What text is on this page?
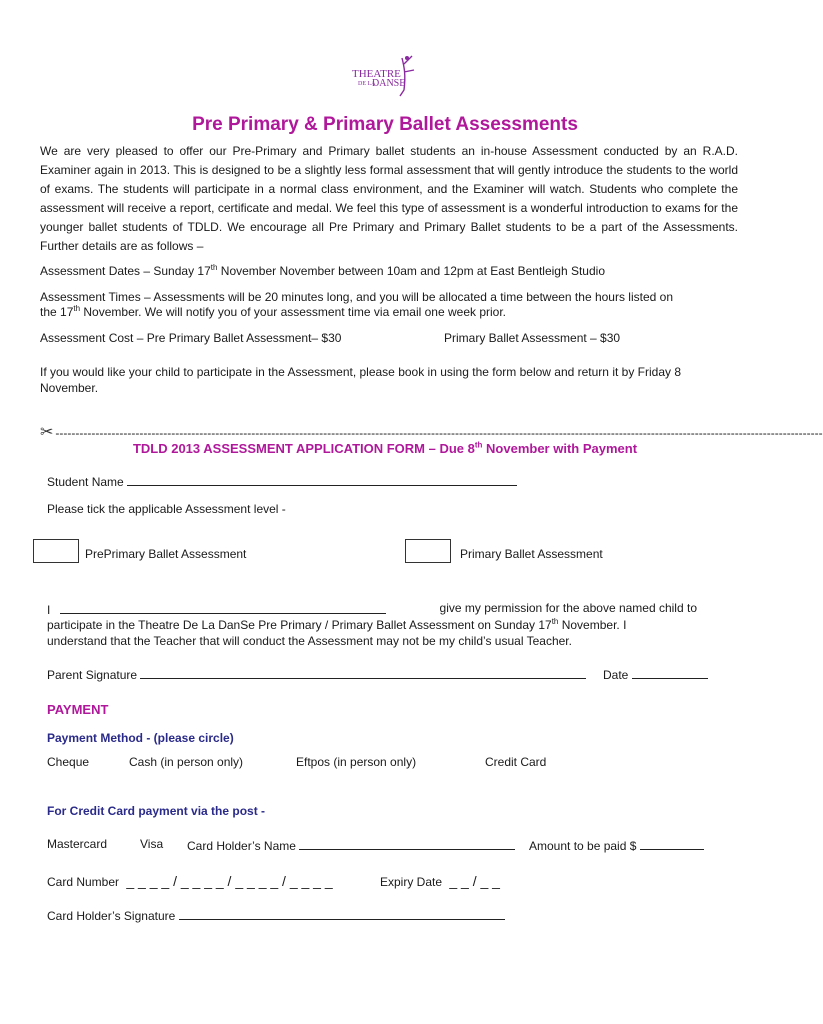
THEATRE
DE LA
DANSE
Pre Primary & Primary Ballet Assessments
We are very pleased to offer our Pre-Primary and Primary ballet students an in-house Assessment conducted by an R.A.D. Examiner again in 2013. This is designed to be a slightly less formal assessment that will gently introduce the students to the world of exams. The students will participate in a normal class environment, and the Examiner will watch. Students who complete the assessment will receive a report, certificate and medal. We feel this type of assessment is a wonderful introduction to exams for the younger ballet students of TDLD. We encourage all Pre Primary and Primary Ballet students to be a part of the Assessments. Further details are as follows –
Assessment Dates – Sunday 17th November November between 10am and 12pm at East Bentleigh Studio
Assessment Times – Assessments will be 20 minutes long, and you will be allocated a time between the hours listed on
the 17th November. We will notify you of your assessment time via email one week prior.
Assessment Cost – Pre Primary Ballet Assessment– $30	Primary Ballet Assessment – $30
If you would like your child to participate in the Assessment, please book in using the form below and return it by Friday 8 November.
✂ ------------------------------------------------------------------------------------------------------------------------------------------------------------------------------------------------
TDLD 2013 ASSESSMENT APPLICATION FORM – Due 8th November with Payment
Student Name
Please tick the applicable Assessment level -
PrePrimary Ballet Assessment	Primary Ballet Assessment
I	give my permission for the above named child to
participate in the Theatre De La DanSe Pre Primary / Primary Ballet Assessment on Sunday 17th November. I
understand that the Teacher that will conduct the Assessment may not be my child’s usual Teacher.
Parent Signature	Date
PAYMENT
Payment Method - (please circle)
Cheque	Cash (in person only)	Eftpos (in person only)	Credit Card
For Credit Card payment via the post -
Mastercard	Visa Card Holder’s Name	Amount to be paid $
Card Number _ _ _ _ / _ _ _ _ / _ _ _ _ / _ _ _ _	Expiry Date _ _ / _ _
Card Holder’s Signature
